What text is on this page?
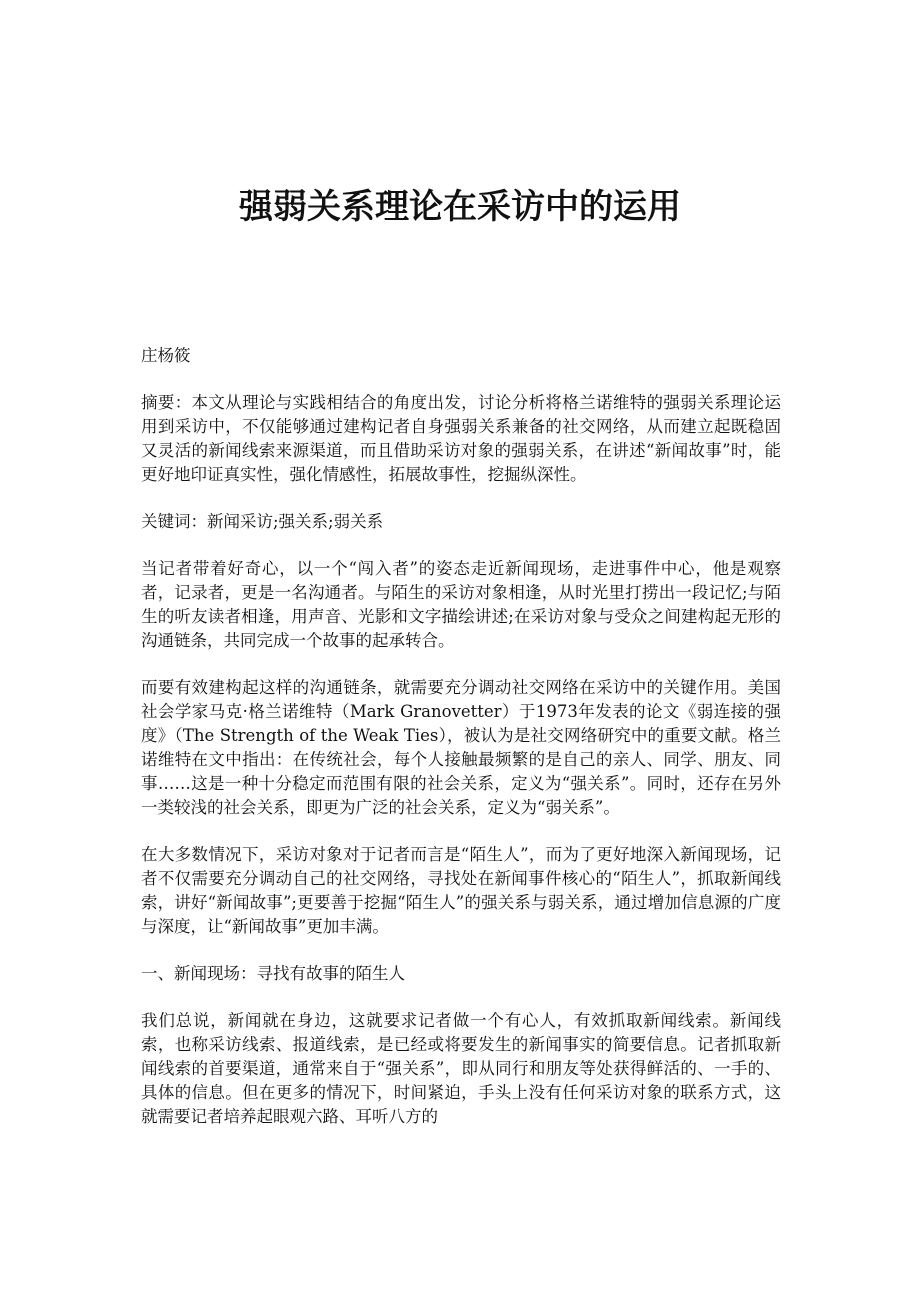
强弱关系理论在采访中的运用

庄杨筱

摘要：本文从理论与实践相结合的角度出发，讨论分析将格兰诺维特的强弱关系理论运用到采访中，不仅能够通过建构记者自身强弱关系兼备的社交网络，从而建立起既稳固又灵活的新闻线索来源渠道，而且借助采访对象的强弱关系，在讲述“新闻故事”时，能更好地印证真实性，强化情感性，拓展故事性，挖掘纵深性。

关键词：新闻采访;强关系;弱关系

当记者带着好奇心，以一个“闯入者”的姿态走近新闻现场，走进事件中心，他是观察者，记录者，更是一名沟通者。与陌生的采访对象相逢，从时光里打捞出一段记忆;与陌生的听友读者相逢，用声音、光影和文字描绘讲述;在采访对象与受众之间建构起无形的沟通链条，共同完成一个故事的起承转合。

而要有效建构起这样的沟通链条，就需要充分调动社交网络在采访中的关键作用。美国社会学家马克·格兰诺维特（Mark Granovetter）于1973年发表的论文《弱连接的强度》（The Strength of the Weak Ties），被认为是社交网络研究中的重要文献。格兰诺维特在文中指出：在传统社会，每个人接触最频繁的是自己的亲人、同学、朋友、同事……这是一种十分稳定而范围有限的社会关系，定义为“强关系”。同时，还存在另外一类较浅的社会关系，即更为广泛的社会关系，定义为“弱关系”。

在大多数情况下，采访对象对于记者而言是“陌生人”，而为了更好地深入新闻现场，记者不仅需要充分调动自己的社交网络，寻找处在新闻事件核心的“陌生人”，抓取新闻线索，讲好“新闻故事”;更要善于挖掘“陌生人”的强关系与弱关系，通过增加信息源的广度与深度，让“新闻故事”更加丰满。

一、新闻现场：寻找有故事的陌生人

我们总说，新闻就在身边，这就要求记者做一个有心人，有效抓取新闻线索。新闻线索，也称采访线索、报道线索，是已经或将要发生的新闻事实的简要信息。记者抓取新闻线索的首要渠道，通常来自于“强关系”，即从同行和朋友等处获得鲜活的、一手的、具体的信息。但在更多的情况下，时间紧迫，手头上没有任何采访对象的联系方式，这就需要记者培养起眼观六路、耳听八方的
